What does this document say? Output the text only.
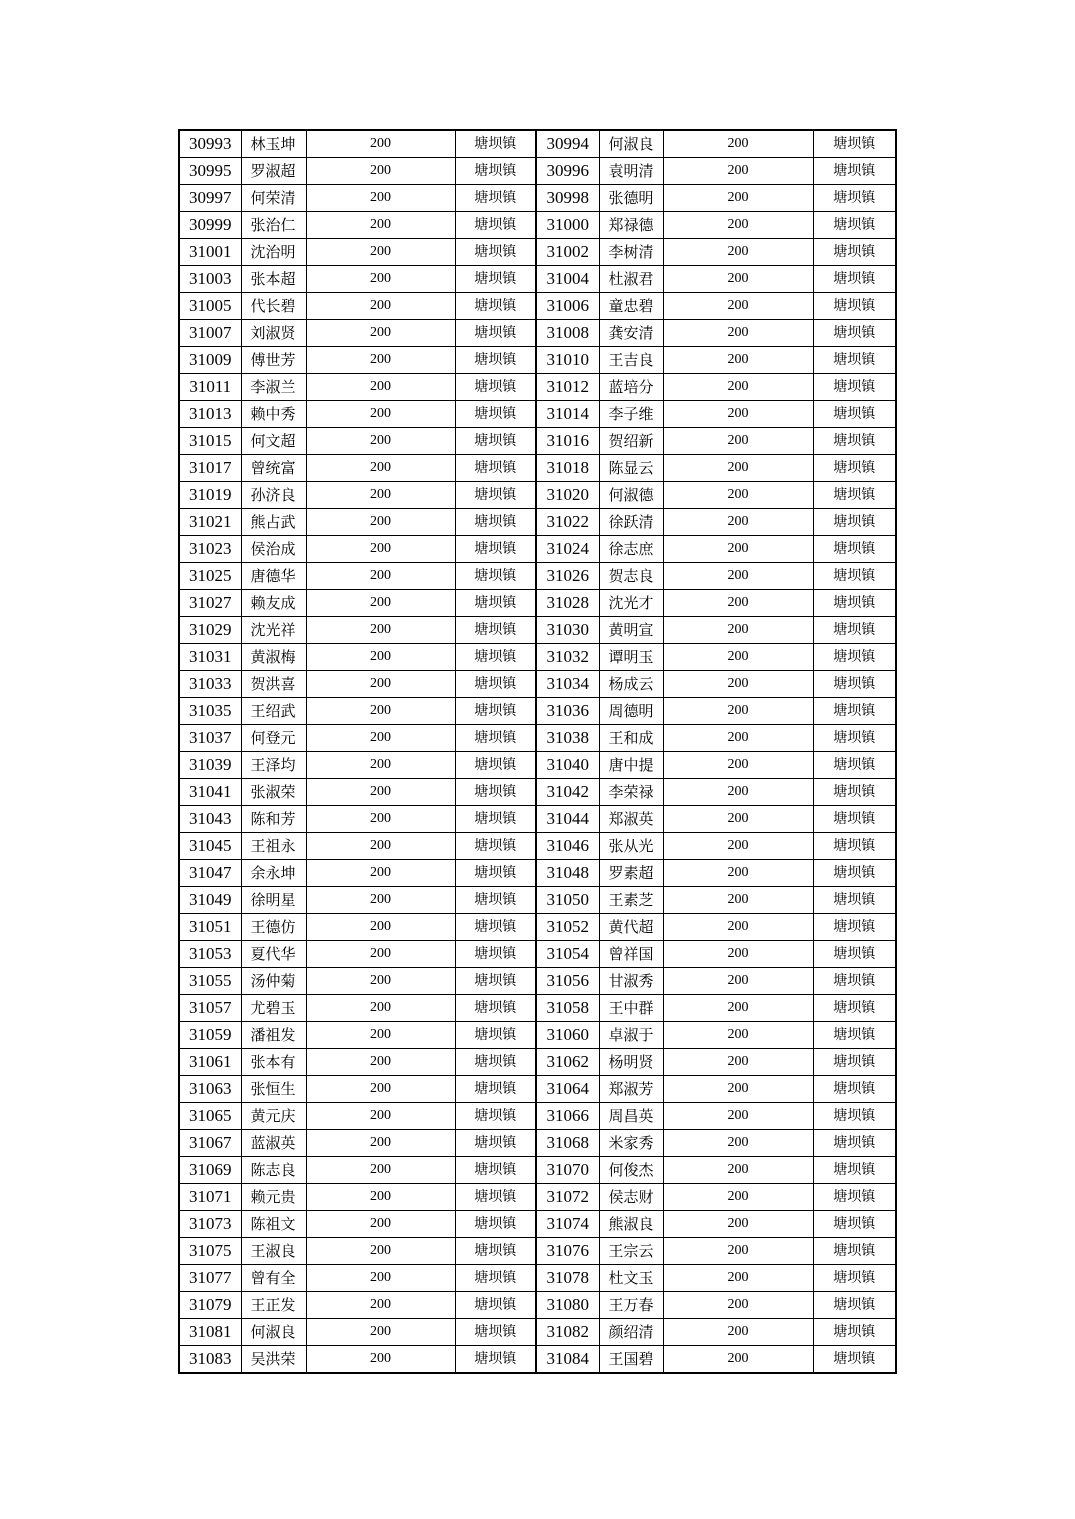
30993	林玉坤	200	塘坝镇	30994	何淑良	200	塘坝镇
30995	罗淑超	200	塘坝镇	30996	袁明清	200	塘坝镇
30997	何荣清	200	塘坝镇	30998	张德明	200	塘坝镇
30999	张治仁	200	塘坝镇	31000	郑禄德	200	塘坝镇
31001	沈治明	200	塘坝镇	31002	李树清	200	塘坝镇
31003	张本超	200	塘坝镇	31004	杜淑君	200	塘坝镇
31005	代长碧	200	塘坝镇	31006	童忠碧	200	塘坝镇
31007	刘淑贤	200	塘坝镇	31008	龚安清	200	塘坝镇
31009	傅世芳	200	塘坝镇	31010	王吉良	200	塘坝镇
31011	李淑兰	200	塘坝镇	31012	蓝培分	200	塘坝镇
31013	赖中秀	200	塘坝镇	31014	李子维	200	塘坝镇
31015	何文超	200	塘坝镇	31016	贺绍新	200	塘坝镇
31017	曾统富	200	塘坝镇	31018	陈显云	200	塘坝镇
31019	孙济良	200	塘坝镇	31020	何淑德	200	塘坝镇
31021	熊占武	200	塘坝镇	31022	徐跃清	200	塘坝镇
31023	侯治成	200	塘坝镇	31024	徐志庶	200	塘坝镇
31025	唐德华	200	塘坝镇	31026	贺志良	200	塘坝镇
31027	赖友成	200	塘坝镇	31028	沈光才	200	塘坝镇
31029	沈光祥	200	塘坝镇	31030	黄明宣	200	塘坝镇
31031	黄淑梅	200	塘坝镇	31032	谭明玉	200	塘坝镇
31033	贺洪喜	200	塘坝镇	31034	杨成云	200	塘坝镇
31035	王绍武	200	塘坝镇	31036	周德明	200	塘坝镇
31037	何登元	200	塘坝镇	31038	王和成	200	塘坝镇
31039	王泽均	200	塘坝镇	31040	唐中提	200	塘坝镇
31041	张淑荣	200	塘坝镇	31042	李荣禄	200	塘坝镇
31043	陈和芳	200	塘坝镇	31044	郑淑英	200	塘坝镇
31045	王祖永	200	塘坝镇	31046	张从光	200	塘坝镇
31047	余永坤	200	塘坝镇	31048	罗素超	200	塘坝镇
31049	徐明星	200	塘坝镇	31050	王素芝	200	塘坝镇
31051	王德仿	200	塘坝镇	31052	黄代超	200	塘坝镇
31053	夏代华	200	塘坝镇	31054	曾祥国	200	塘坝镇
31055	汤仲菊	200	塘坝镇	31056	甘淑秀	200	塘坝镇
31057	尤碧玉	200	塘坝镇	31058	王中群	200	塘坝镇
31059	潘祖发	200	塘坝镇	31060	卓淑于	200	塘坝镇
31061	张本有	200	塘坝镇	31062	杨明贤	200	塘坝镇
31063	张恒生	200	塘坝镇	31064	郑淑芳	200	塘坝镇
31065	黄元庆	200	塘坝镇	31066	周昌英	200	塘坝镇
31067	蓝淑英	200	塘坝镇	31068	米家秀	200	塘坝镇
31069	陈志良	200	塘坝镇	31070	何俊杰	200	塘坝镇
31071	赖元贵	200	塘坝镇	31072	侯志财	200	塘坝镇
31073	陈祖文	200	塘坝镇	31074	熊淑良	200	塘坝镇
31075	王淑良	200	塘坝镇	31076	王宗云	200	塘坝镇
31077	曾有全	200	塘坝镇	31078	杜文玉	200	塘坝镇
31079	王正发	200	塘坝镇	31080	王万春	200	塘坝镇
31081	何淑良	200	塘坝镇	31082	颜绍清	200	塘坝镇
31083	吴洪荣	200	塘坝镇	31084	王国碧	200	塘坝镇
